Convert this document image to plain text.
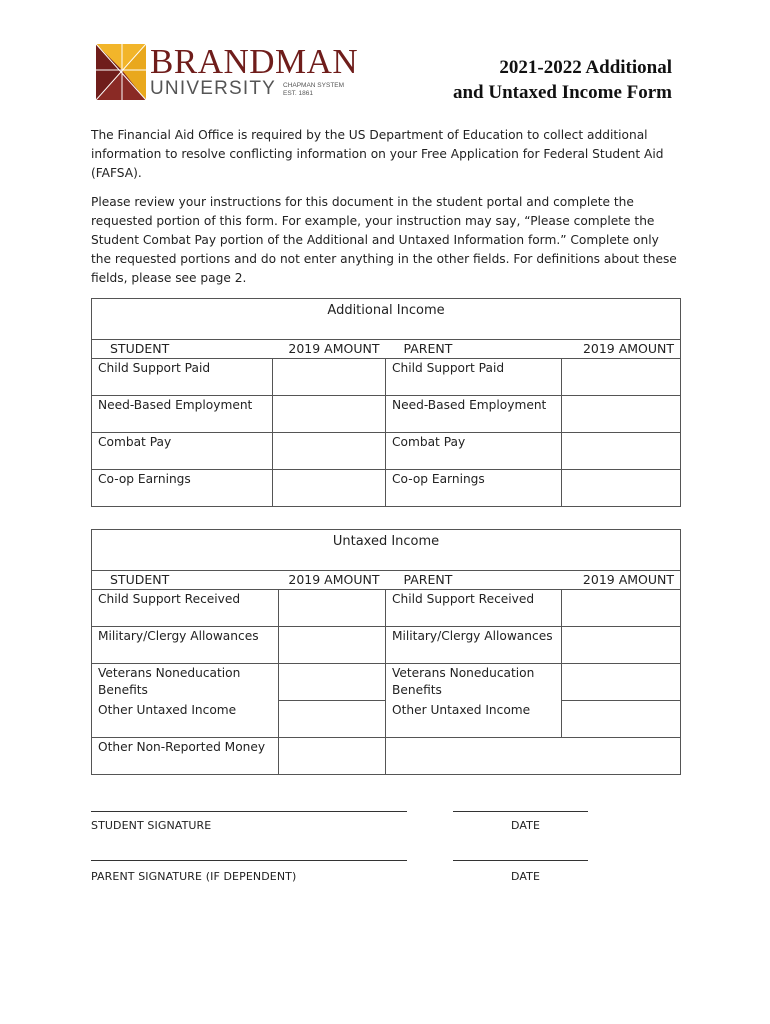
BRANDMAN
UNIVERSITY CHAPMAN SYSTEM
EST. 1861
2021-2022 Additional
and Untaxed Income Form
The Financial Aid Office is required by the US Department of Education to collect additional information to resolve conflicting information on your Free Application for Federal Student Aid (FAFSA).
Please review your instructions for this document in the student portal and complete the requested portion of this form. For example, your instruction may say, “Please complete the Student Combat Pay portion of the Additional and Untaxed Information form.” Complete only the requested portions and do not enter anything in the other fields. For definitions about these fields, please see page 2.
Additional Income			

STUDENT 2019 AMOUNT		PARENT 2019 AMOUNT	

Child Support Paid		Child Support Paid	
Need-Based Employment		Need-Based Employment	
Combat Pay		Combat Pay	
Co-op Earnings		Co-op Earnings	
Untaxed Income			

STUDENT 2019 AMOUNT		PARENT 2019 AMOUNT	

Child Support Received		Child Support Received	
Military/Clergy Allowances		Military/Clergy Allowances	
Veterans Noneducation Benefits		Veterans Noneducation Benefits	
Other Untaxed Income		Other Untaxed Income	
Other Non-Reported Money			
STUDENT SIGNATURE	DATE
PARENT SIGNATURE (IF DEPENDENT)	DATE
